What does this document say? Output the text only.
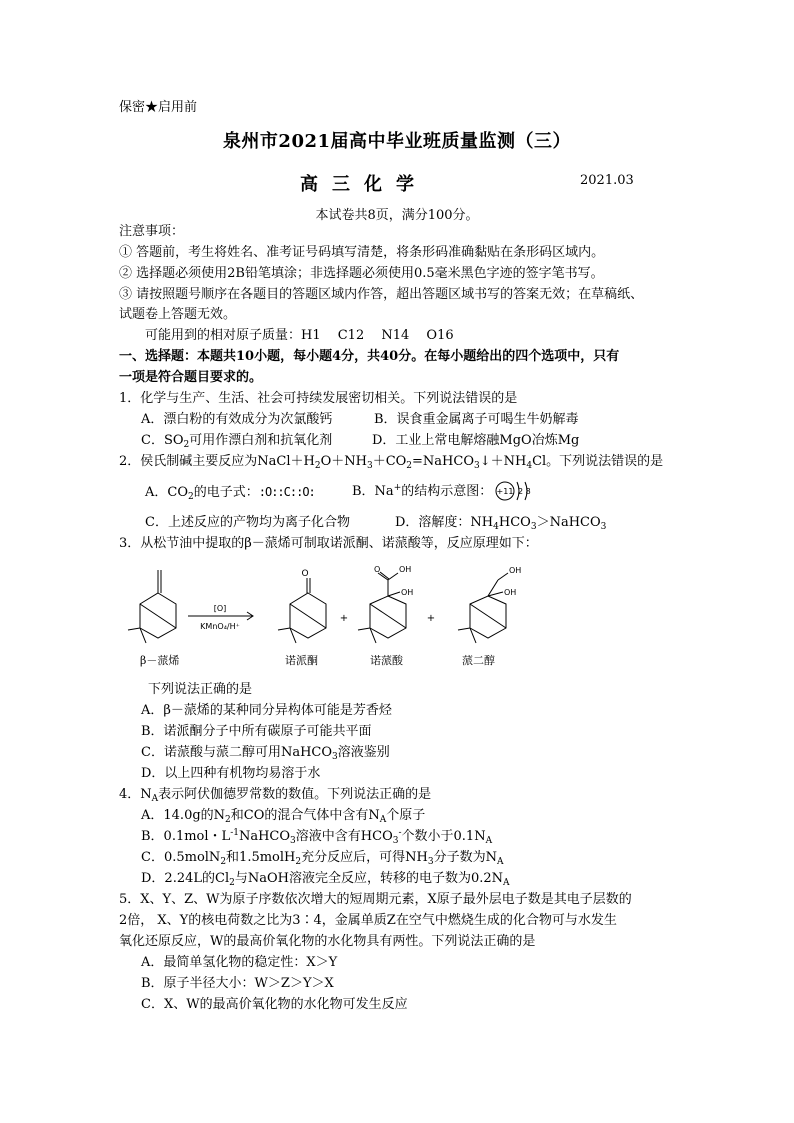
保密★启用前
泉州市2021届高中毕业班质量监测（三）
高三化学	2021.03
本试卷共8页，满分100分。
注意事项：
① 答题前，考生将姓名、准考证号码填写清楚，将条形码准确黏贴在条形码区域内。
② 选择题必须使用2B铅笔填涂；非选择题必须使用0.5毫米黑色字迹的签字笔书写。
③ 请按照题号顺序在各题目的答题区域内作答，超出答题区域书写的答案无效；在草稿纸、
试题卷上答题无效。
可能用到的相对原子质量：H1　 C12　 N14　 O16
一、选择题：本题共10小题，每小题4分，共40分。在每小题给出的四个选项中，只有
一项是符合题目要求的。
1．化学与生产、生活、社会可持续发展密切相关。下列说法错误的是
A．漂白粉的有效成分为次氯酸钙	B．误食重金属离子可喝生牛奶解毒
C．$SO_2$可用作漂白剂和抗氧化剂	D．工业上常电解熔融MgO冶炼Mg
2．侯氏制碱主要反应为$NaCl+H_2O+NH_3+CO_2=NaHCO_3↓+NH_4Cl$。下列说法错误的是
A．$CO_2$的电子式：:O::C::O:	B．Na+的结构示意图： +11 2 8
C．上述反应的产物均为离子化合物	D．溶解度：$NH_4HCO_3>NaHCO_3$
3．从松节油中提取的β－蒎烯可制取诺派酮、诺蒎酸等，反应原理如下：
[O]
KMnO₄/H⁺
O	O OH
OH
OH
OH
+	+
β－蒎烯	诺派酮	诺蒎酸	蒎二醇
下列说法正确的是
A．β－蒎烯的某种同分异构体可能是芳香烃
B．诺派酮分子中所有碳原子可能共平面
C．诺蒎酸与蒎二醇可用NaHCO$_3$溶液鉴别
D．以上四种有机物均易溶于水
4．$N_A$表示阿伏伽德罗常数的数值。下列说法正确的是
A．14.0g的$N_2$和CO的混合气体中含有$N_A$个原子
B．0.1mol・$L^{-1}NaHCO_3$溶液中含有$HCO_3^-$个数小于$0.1N_A$
C．0.5molN$_2$和1.5molH$_2$充分反应后，可得$NH_3$分子数为$N_A$
D．2.24L的$Cl_2$与NaOH溶液完全反应，转移的电子数为$0.2N_A$
5．X、Y、Z、W为原子序数依次增大的短周期元素，X原子最外层电子数是其电子层数的
2倍， X、Y的核电荷数之比为3∶4，金属单质Z在空气中燃烧生成的化合物可与水发生
氧化还原反应，W的最高价氧化物的水化物具有两性。下列说法正确的是
A．最简单氢化物的稳定性：X＞Y
B．原子半径大小：W＞Z＞Y＞X
C．X、W的最高价氧化物的水化物可发生反应
